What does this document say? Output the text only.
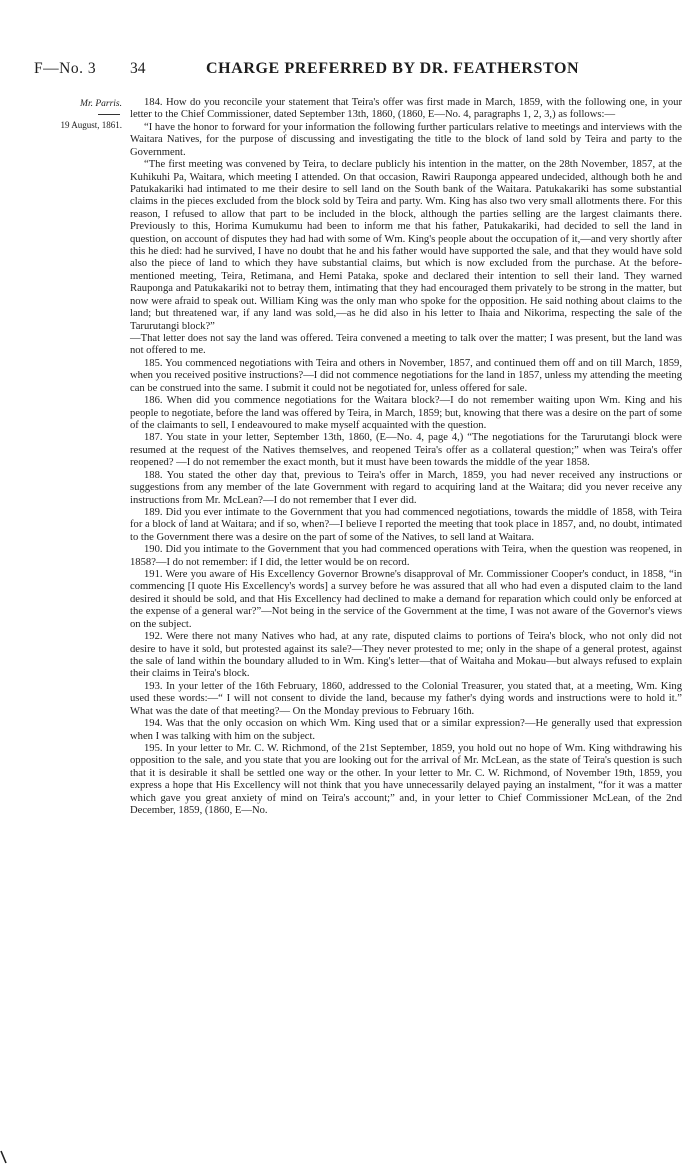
F—No. 3 34	CHARGE PREFERRED BY DR. FEATHERSTON
Mr. Parris.
19 August, 1861.

184. How do you reconcile your statement that Teira's offer was first made in March, 1859, with the following one, in your letter to the Chief Commissioner, dated September 13th, 1860, (1860, E—No. 4, paragraphs 1, 2, 3,) as follows:—

“I have the honor to forward for your information the following further particulars relative to meetings and interviews with the Waitara Natives, for the purpose of discussing and investigating the title to the block of land sold by Teira and party to the Government.

“The first meeting was convened by Teira, to declare publicly his intention in the matter, on the 28th November, 1857, at the Kuhikuhi Pa, Waitara, which meeting I attended. On that occasion, Rawiri Rauponga appeared undecided, although both he and Patukakariki had intimated to me their desire to sell land on the South bank of the Waitara. Patukakariki has some substantial claims in the pieces excluded from the block sold by Teira and party. Wm. King has also two very small allotments there. For this reason, I refused to allow that part to be included in the block, although the parties selling are the largest claimants there. Previously to this, Horima Kumukumu had been to inform me that his father, Patukakariki, had decided to sell the land in question, on account of disputes they had had with some of Wm. King's people about the occupation of it,—and very shortly after this he died: had he survived, I have no doubt that he and his father would have supported the sale, and that they would have sold also the piece of land to which they have substantial claims, but which is now excluded from the purchase. At the before-mentioned meeting, Teira, Retimana, and Hemi Pataka, spoke and declared their intention to sell their land. They warned Rauponga and Patukakariki not to betray them, intimating that they had encouraged them privately to be strong in the matter, but now were afraid to speak out. William King was the only man who spoke for the opposition. He said nothing about claims to the land; but threatened war, if any land was sold,—as he did also in his letter to Ihaia and Nikorima, respecting the sale of the Tarurutangi block?”

—That letter does not say the land was offered. Teira convened a meeting to talk over the matter; I was present, but the land was not offered to me.

185. You commenced negotiations with Teira and others in November, 1857, and continued them off and on till March, 1859, when you received positive instructions?—I did not commence negotiations for the land in 1857, unless my attending the meeting can be construed into the same. I submit it could not be negotiated for, unless offered for sale.

186. When did you commence negotiations for the Waitara block?—I do not remember waiting upon Wm. King and his people to negotiate, before the land was offered by Teira, in March, 1859; but, knowing that there was a desire on the part of some of the claimants to sell, I endeavoured to make myself acquainted with the question.

187. You state in your letter, September 13th, 1860, (E—No. 4, page 4,) “The negotiations for the Tarurutangi block were resumed at the request of the Natives themselves, and reopened Teira's offer as a collateral question;” when was Teira's offer reopened? —I do not remember the exact month, but it must have been towards the middle of the year 1858.

188. You stated the other day that, previous to Teira's offer in March, 1859, you had never received any instructions or suggestions from any member of the late Government with regard to acquiring land at the Waitara; did you never receive any instructions from Mr. McLean?—I do not remember that I ever did.

189. Did you ever intimate to the Government that you had commenced negotiations, towards the middle of 1858, with Teira for a block of land at Waitara; and if so, when?—I believe I reported the meeting that took place in 1857, and, no doubt, intimated to the Government there was a desire on the part of some of the Natives, to sell land at Waitara.

190. Did you intimate to the Government that you had commenced operations with Teira, when the question was reopened, in 1858?—I do not remember: if I did, the letter would be on record.

191. Were you aware of His Excellency Governor Browne's disapproval of Mr. Commissioner Cooper's conduct, in 1858, “in commencing [I quote His Excellency's words] a survey before he was assured that all who had even a disputed claim to the land desired it should be sold, and that His Excellency had declined to make a demand for reparation which could only be enforced at the expense of a general war?”—Not being in the service of the Government at the time, I was not aware of the Governor's views on the subject.

192. Were there not many Natives who had, at any rate, disputed claims to portions of Teira's block, who not only did not desire to have it sold, but protested against its sale?—They never protested to me; only in the shape of a general protest, against the sale of land within the boundary alluded to in Wm. King's letter—that of Waitaha and Mokau—but always refused to explain their claims in Teira's block.

193. In your letter of the 16th February, 1860, addressed to the Colonial Treasurer, you stated that, at a meeting, Wm. King used these words:—“ I will not consent to divide the land, because my father's dying words and instructions were to hold it.” What was the date of that meeting?— On the Monday previous to February 16th.

194. Was that the only occasion on which Wm. King used that or a similar expression?—He generally used that expression when I was talking with him on the subject.

195. In your letter to Mr. C. W. Richmond, of the 21st September, 1859, you hold out no hope of Wm. King withdrawing his opposition to the sale, and you state that you are looking out for the arrival of Mr. McLean, as the state of Teira's question is such that it is desirable it shall be settled one way or the other. In your letter to Mr. C. W. Richmond, of November 19th, 1859, you express a hope that His Excellency will not think that you have unnecessarily delayed paying an instalment, “for it was a matter which gave you great anxiety of mind on Teira's account;” and, in your letter to Chief Commissioner McLean, of the 2nd December, 1859, (1860, E—No.
